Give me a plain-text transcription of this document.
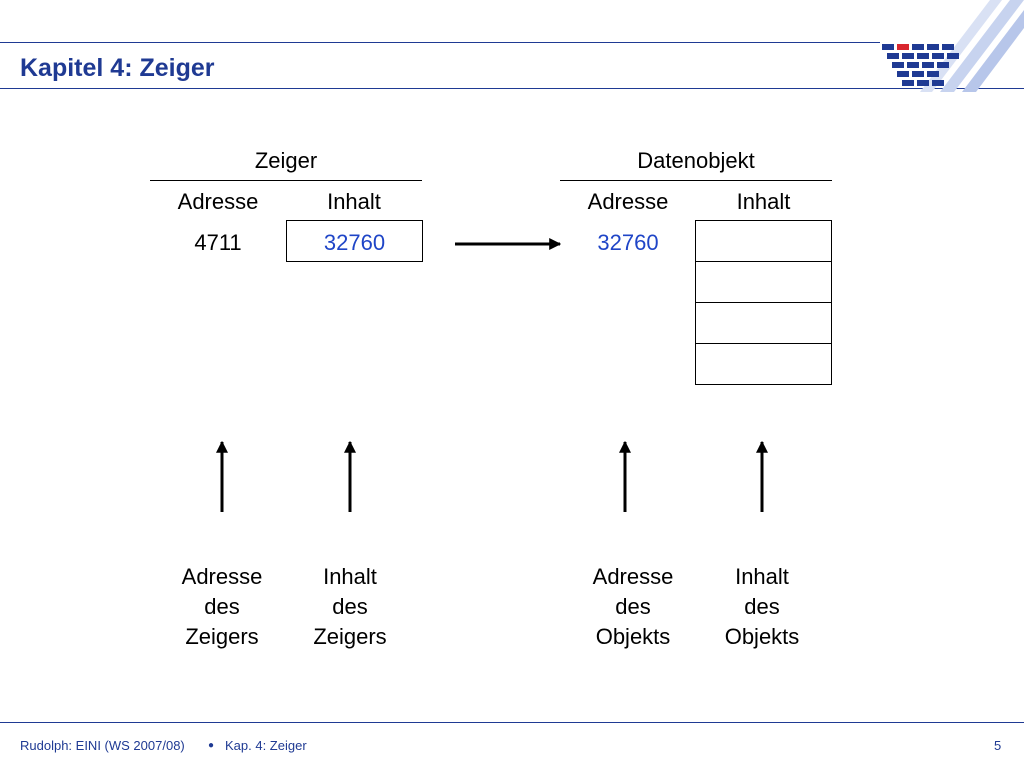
Kapitel 4: Zeiger
Zeiger
Adresse	Inhalt
4711	32760
Datenobjekt
Adresse	Inhalt
32760
Adresse
des
Zeigers
Inhalt
des
Zeigers
Adresse
des
Objekts
Inhalt
des
Objekts
Rudolph: EINI (WS 2007/08) ● Kap. 4: Zeiger	5
